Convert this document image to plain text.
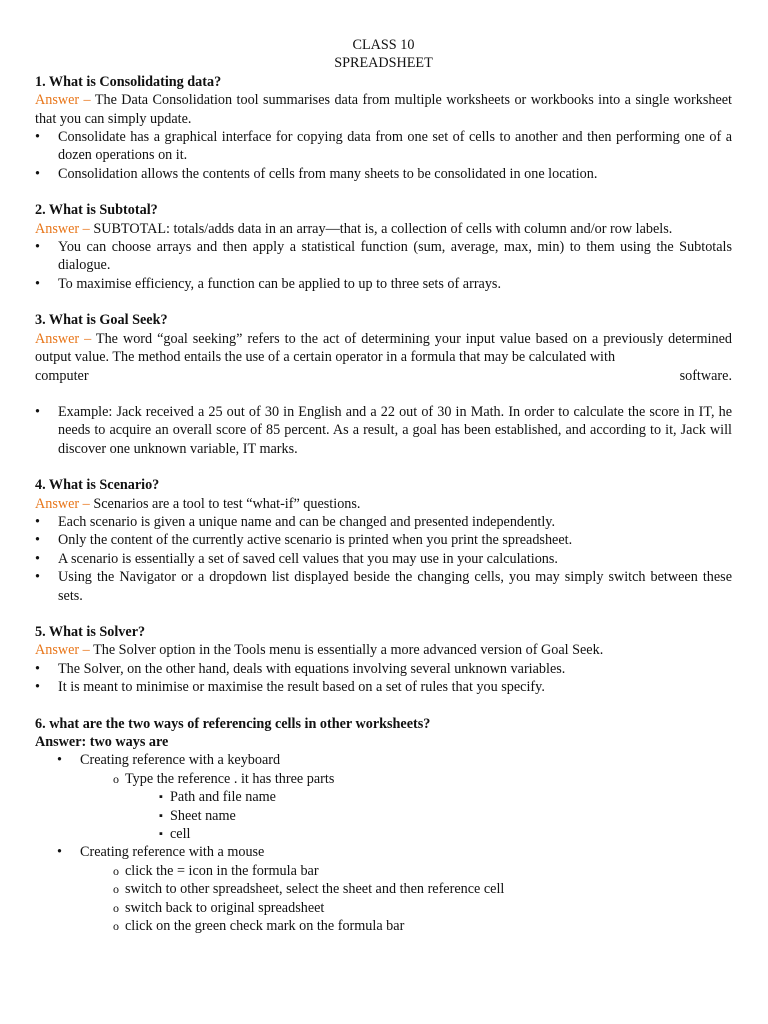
CLASS 10
SPREADSHEET

1. What is Consolidating data?

Answer – The Data Consolidation tool summarises data from multiple worksheets or workbooks into a single worksheet that you can simply update.

• Consolidate has a graphical interface for copying data from one set of cells to another and then performing one of a dozen operations on it.
• Consolidation allows the contents of cells from many sheets to be consolidated in one location.

2. What is Subtotal?

Answer – SUBTOTAL: totals/adds data in an array—that is, a collection of cells with column and/or row labels.

• You can choose arrays and then apply a statistical function (sum, average, max, min) to them using the Subtotals dialogue.
• To maximise efficiency, a function can be applied to up to three sets of arrays.

3. What is Goal Seek?

Answer – The word “goal seeking” refers to the act of determining your input value based on a previously determined output value. The method entails the use of a certain operator in a formula that may be calculated with

computer	software.
• Example: Jack received a 25 out of 30 in English and a 22 out of 30 in Math. In order to calculate the score in IT, he needs to acquire an overall score of 85 percent. As a result, a goal has been established, and according to it, Jack will discover one unknown variable, IT marks.

4. What is Scenario?

Answer – Scenarios are a tool to test “what-if” questions.

• Each scenario is given a unique name and can be changed and presented independently.
• Only the content of the currently active scenario is printed when you print the spreadsheet.
• A scenario is essentially a set of saved cell values that you may use in your calculations.
• Using the Navigator or a dropdown list displayed beside the changing cells, you may simply switch between these sets.

5. What is Solver?

Answer – The Solver option in the Tools menu is essentially a more advanced version of Goal Seek.

• The Solver, on the other hand, deals with equations involving several unknown variables.
• It is meant to minimise or maximise the result based on a set of rules that you specify.

6. what are the two ways of referencing cells in other worksheets?

Answer: two ways are

• Creating reference with a keyboard
o Type the reference . it has three parts
▪ Path and file name
▪ Sheet name
▪ cell
• Creating reference with a mouse
o click the = icon in the formula bar
o switch to other spreadsheet, select the sheet and then reference cell
o switch back to original spreadsheet
o click on the green check mark on the formula bar
